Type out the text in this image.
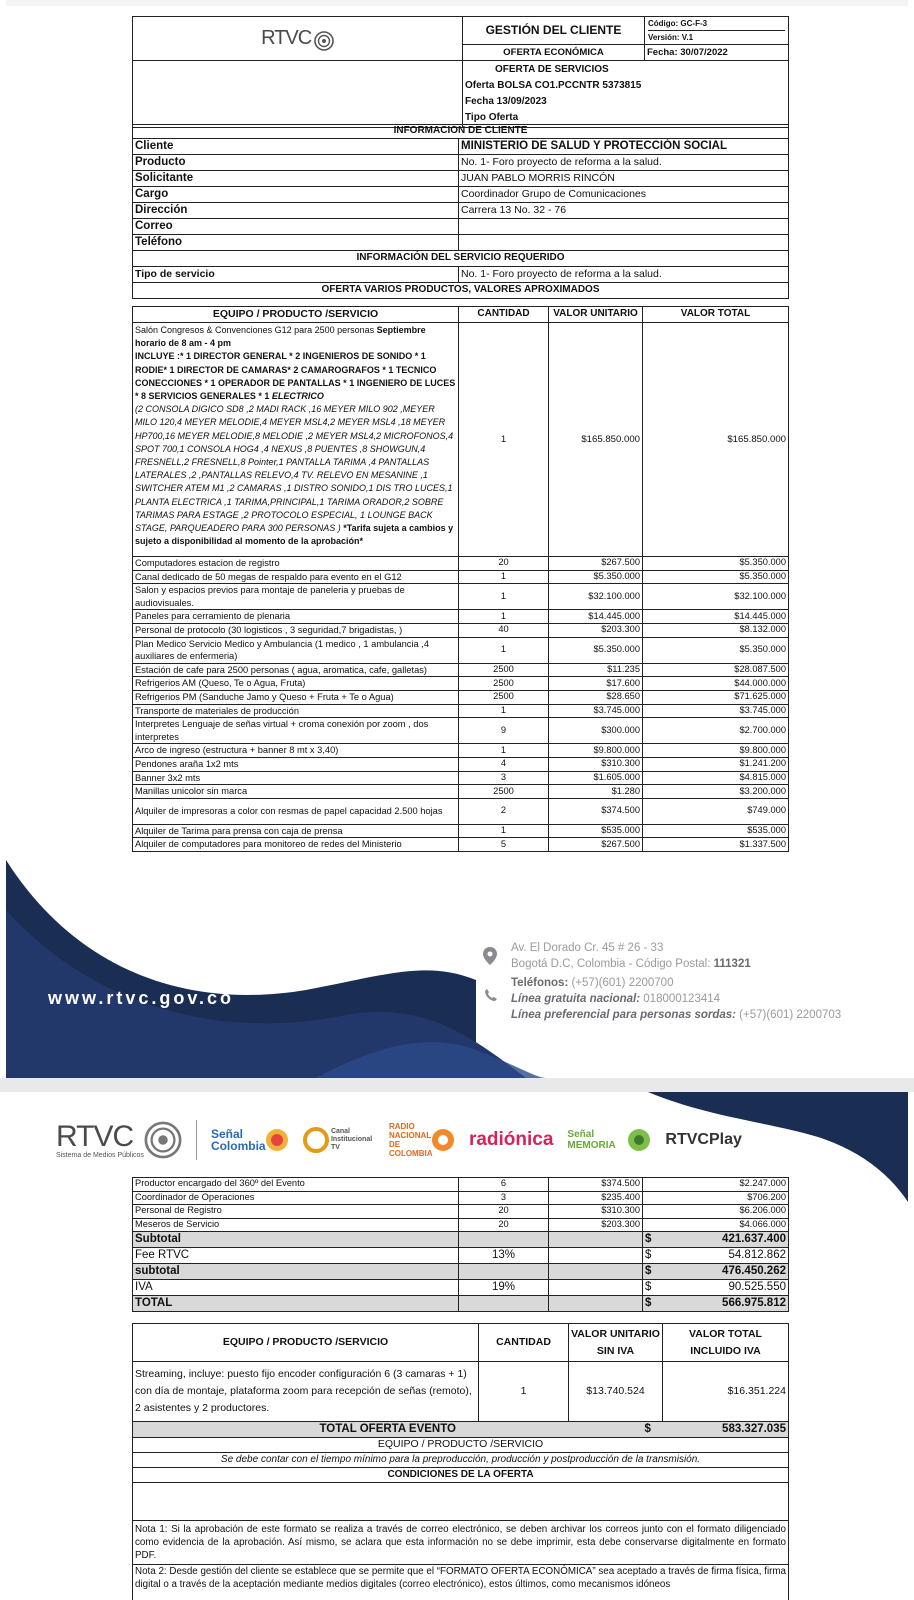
RTVC	GESTIÓN DEL CLIENTE	Código: GC-F-3
Versión: V.1

	OFERTA ECONÓMICA	Fecha: 30/07/2022

	OFERTA DE SERVICIOS
Oferta BOLSA CO1.PCCNTR 5373815
Fecha 13/09/2023
Tipo Oferta	
INFORMACIÓN DE CLIENTE	
Cliente	MINISTERIO DE SALUD Y PROTECCIÓN SOCIAL
Producto	No. 1- Foro proyecto de reforma a la salud.
Solicitante	JUAN PABLO MORRIS RINCÓN
Cargo	Coordinador Grupo de Comunicaciones
Dirección	Carrera 13 No. 32 - 76
Correo	
Teléfono	
INFORMACIÓN DEL SERVICIO REQUERIDO	
Tipo de servicio	No. 1- Foro proyecto de reforma a la salud.
OFERTA VARIOS PRODUCTOS, VALORES APROXIMADOS	
EQUIPO / PRODUCTO /SERVICIO	CANTIDAD	VALOR UNITARIO	VALOR TOTAL
Salón Congresos & Convenciones G12 para 2500 personas Septiembre horario de 8 am - 4 pm
INCLUYE :* 1 DIRECTOR GENERAL * 2 INGENIEROS DE SONIDO * 1 RODIE* 1 DIRECTOR DE CAMARAS* 2 CAMAROGRAFOS * 1 TECNICO CONECCIONES * 1 OPERADOR DE PANTALLAS * 1 INGENIERO DE LUCES * 8 SERVICIOS GENERALES * 1 ELECTRICO
(2 CONSOLA DIGICO SD8 ,2 MADI RACK ,16 MEYER MILO 902 ,MEYER MILO 120,4 MEYER MELODIE,4 MEYER MSL4,2 MEYER MSL4 ,18 MEYER HP700,16 MEYER MELODIE,8 MELODIE ,2 MEYER MSL4,2 MICROFONOS,4 SPOT 700,1 CONSOLA HOG4 ,4 NEXUS ,8 PUENTES ,8 SHOWGUN,4 FRESNELL,2 FRESNELL,8 Pointer,1 PANTALLA TARIMA ,4 PANTALLAS LATERALES ,2 ,PANTALLAS RELEVO,4 TV. RELEVO EN MESANINE ,1 SWITCHER ATEM M1 ,2 CAMARAS ,1 DISTRO SONIDO,1 DIS TRO LUCES,1 PLANTA ELECTRICA ,1 TARIMA,PRINCIPAL,1 TARIMA ORADOR,2 SOBRE TARIMAS PARA ESTAGE ,2 PROTOCOLO ESPECIAL, 1 LOUNGE BACK STAGE, PARQUEADERO PARA 300 PERSONAS ) *Tarifa sujeta a cambios y sujeto a disponibilidad al momento de la aprobación*	1	$165.850.000	$165.850.000
Computadores estacion de registro	20	$267.500	$5.350.000
Canal dedicado de 50 megas de respaldo para evento en el G12	1	$5.350.000	$5.350.000
Salon y espacios previos para montaje de paneleria y pruebas de audiovisuales.	1	$32.100.000	$32.100.000
Paneles para cerramiento de plenaria	1	$14.445.000	$14.445.000
Personal de protocolo (30 logisticos , 3 seguridad,7 brigadistas, )	40	$203.300	$8.132.000
Plan Medico Servicio Medico y Ambulancia (1 medico , 1 ambulancia ,4 auxiliares de enfermeria)	1	$5.350.000	$5.350.000
Estación de cafe para 2500 personas ( agua, aromatica, cafe, galletas)	2500	$11.235	$28.087.500
Refrigerios AM (Queso, Te o Agua, Fruta)	2500	$17.600	$44.000.000
Refrigerios PM (Sanduche Jamo y Queso + Fruta + Te o Agua)	2500	$28.650	$71.625.000
Transporte de materiales de producción	1	$3.745.000	$3.745.000
Interpretes Lenguaje de señas virtual + croma conexión por zoom , dos interpretes	9	$300.000	$2.700.000
Arco de ingreso (estructura + banner 8 mt x 3,40)	1	$9.800.000	$9.800.000
Pendones araña 1x2 mts	4	$310.300	$1.241.200
Banner 3x2 mts	3	$1.605.000	$4.815.000
Manillas unicolor sin marca	2500	$1.280	$3.200.000
Alquiler de impresoras a color con resmas de papel capacidad 2.500 hojas	2	$374.500	$749.000
Alquiler de Tarima para prensa con caja de prensa	1	$535.000	$535.000
Alquiler de computadores para monitoreo de redes del Ministerio	5	$267.500	$1.337.500
www.rtvc.gov.co
Av. El Dorado Cr. 45 # 26 - 33
Bogotá D.C, Colombia - Código Postal: 111321
Teléfonos: (+57)(601) 2200700
Línea gratuita nacional: 018000123414
Línea preferencial para personas sordas: (+57)(601) 2200703
RTVC
Sistema de Medios Públicos
Señal Colombia
Canal Institucional TV
RADIO NACIONAL DE COLOMBIA
radiónica Señal MEMORIA	RTVCPlay
Productor encargado del 360º del Evento	6	$374.500	$2.247.000
Coordinador de Operaciones	3	$235.400	$706.200
Personal de Registro	20	$310.300	$6.206.000
Meseros de Servicio	20	$203.300	$4.066.000
Subtotal			$ 421.637.400
Fee RTVC	13%		$ 54.812.862
subtotal			$ 476.450.262
IVA	19%		$ 90.525.550
TOTAL			$ 566.975.812
EQUIPO / PRODUCTO /SERVICIO	CANTIDAD	VALOR UNITARIO SIN IVA	VALOR TOTAL INCLUIDO IVA
Streaming, incluye: puesto fijo encoder configuración 6 (3 camaras + 1) con día de montaje, plataforma zoom para recepción de señas (remoto), 2 asistentes y 2 productores.	1	$13.740.524	$16.351.224
TOTAL OFERTA EVENTO	$	583.327.035
EQUIPO / PRODUCTO /SERVICIO
Se debe contar con el tiempo mínimo para la preproducción, producción y postproducción de la transmisión.
CONDICIONES DE LA OFERTA

Nota 1: Si la aprobación de este formato se realiza a través de correo electrónico, se deben archivar los correos junto con el formato diligenciado como evidencia de la aprobación. Así mismo, se aclara que esta información no se debe imprimir, esta debe conservarse digitalmente en formato PDF.
Nota 2: Desde gestión del cliente se establece que se permite que el “FORMATO OFERTA ECONÓMICA” sea aceptado a través de firma física, firma digital o a través de la aceptación mediante medios digitales (correo electrónico), estos últimos, como mecanismos idóneos
